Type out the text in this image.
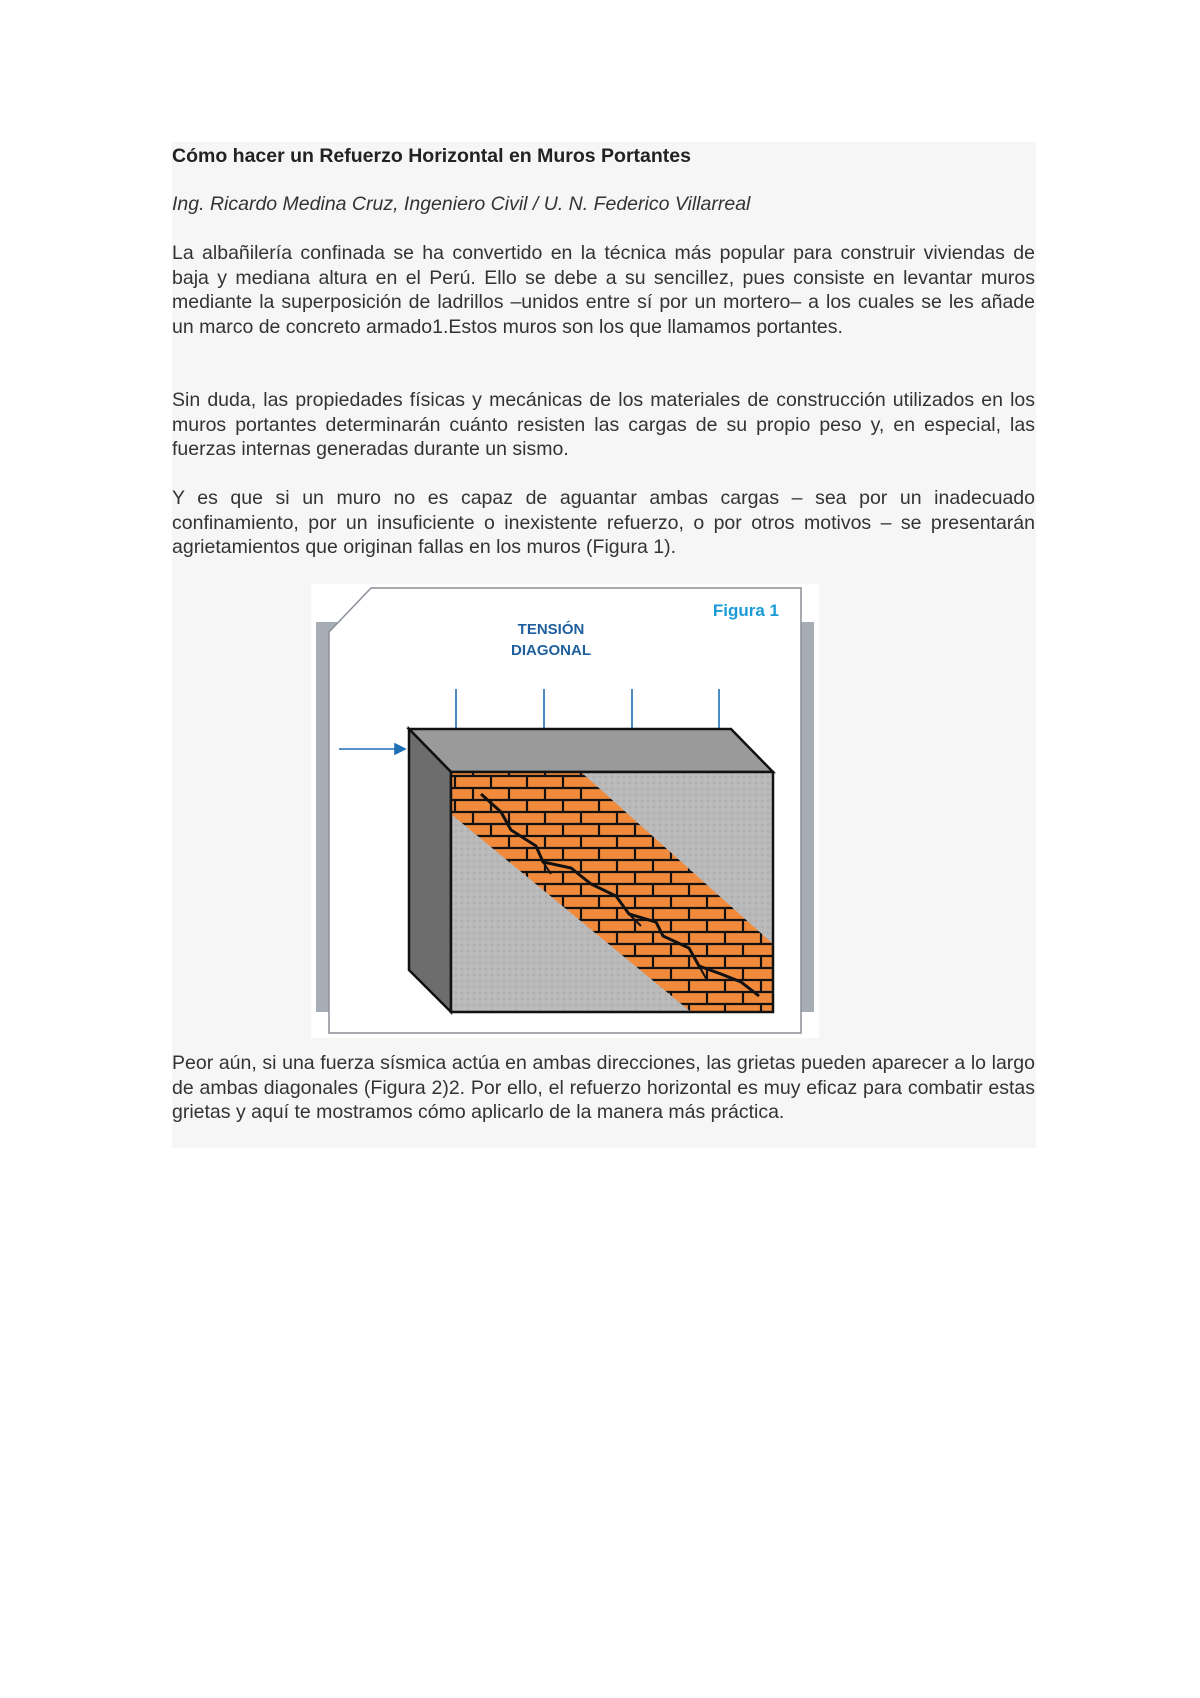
Cómo hacer un Refuerzo Horizontal en Muros Portantes

Ing. Ricardo Medina Cruz, Ingeniero Civil / U. N. Federico Villarreal

La albañilería confinada se ha convertido en la técnica más popular para construir viviendas de baja y mediana altura en el Perú. Ello se debe a su sencillez, pues consiste en levantar muros mediante la superposición de ladrillos –unidos entre sí por un mortero– a los cuales se les añade un marco de concreto armado1.Estos muros son los que llamamos portantes.

Sin duda, las propiedades físicas y mecánicas de los materiales de construcción utilizados en los muros portantes determinarán cuánto resisten las cargas de su propio peso y, en especial, las fuerzas internas generadas durante un sismo.

Y es que si un muro no es capaz de aguantar ambas cargas – sea por un inadecuado confinamiento, por un insuficiente o inexistente refuerzo, o por otros motivos – se presentarán agrietamientos que originan fallas en los muros (Figura 1).

Figura 1
TENSIÓN
DIAGONAL

Peor aún, si una fuerza sísmica actúa en ambas direcciones, las grietas pueden aparecer a lo largo de ambas diagonales (Figura 2)2. Por ello, el refuerzo horizontal es muy eficaz para combatir estas grietas y aquí te mostramos cómo aplicarlo de la manera más práctica.
